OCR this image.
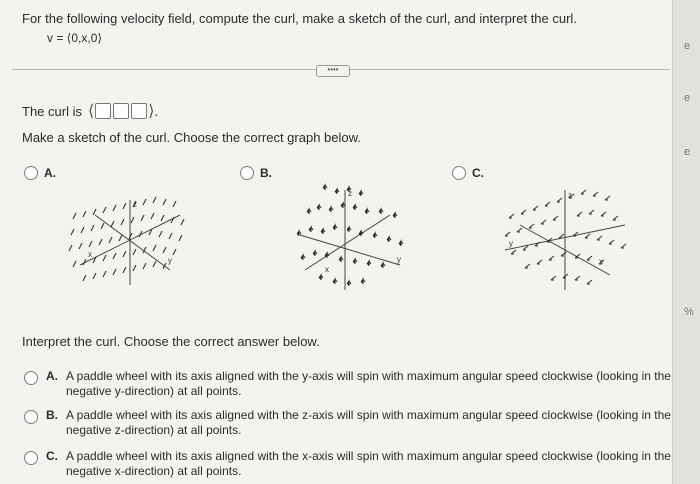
e
e
e
%
For the following velocity field, compute the curl, make a sketch of the curl, and interpret the curl.
v = ⟨0,x,0⟩
••••
The curl is ⟨	⟩ .
Make a sketch of the curl. Choose the correct graph below.
A.	B.	C.
x
z
y
z
y
x
z
x
y
Interpret the curl. Choose the correct answer below.
A. A paddle wheel with its axis aligned with the y-axis will spin with maximum angular speed clockwise (looking in the negative y-direction) at all points.
B. A paddle wheel with its axis aligned with the z-axis will spin with maximum angular speed clockwise (looking in the negative z-direction) at all points.
C. A paddle wheel with its axis aligned with the x-axis will spin with maximum angular speed clockwise (looking in the negative x-direction) at all points.
